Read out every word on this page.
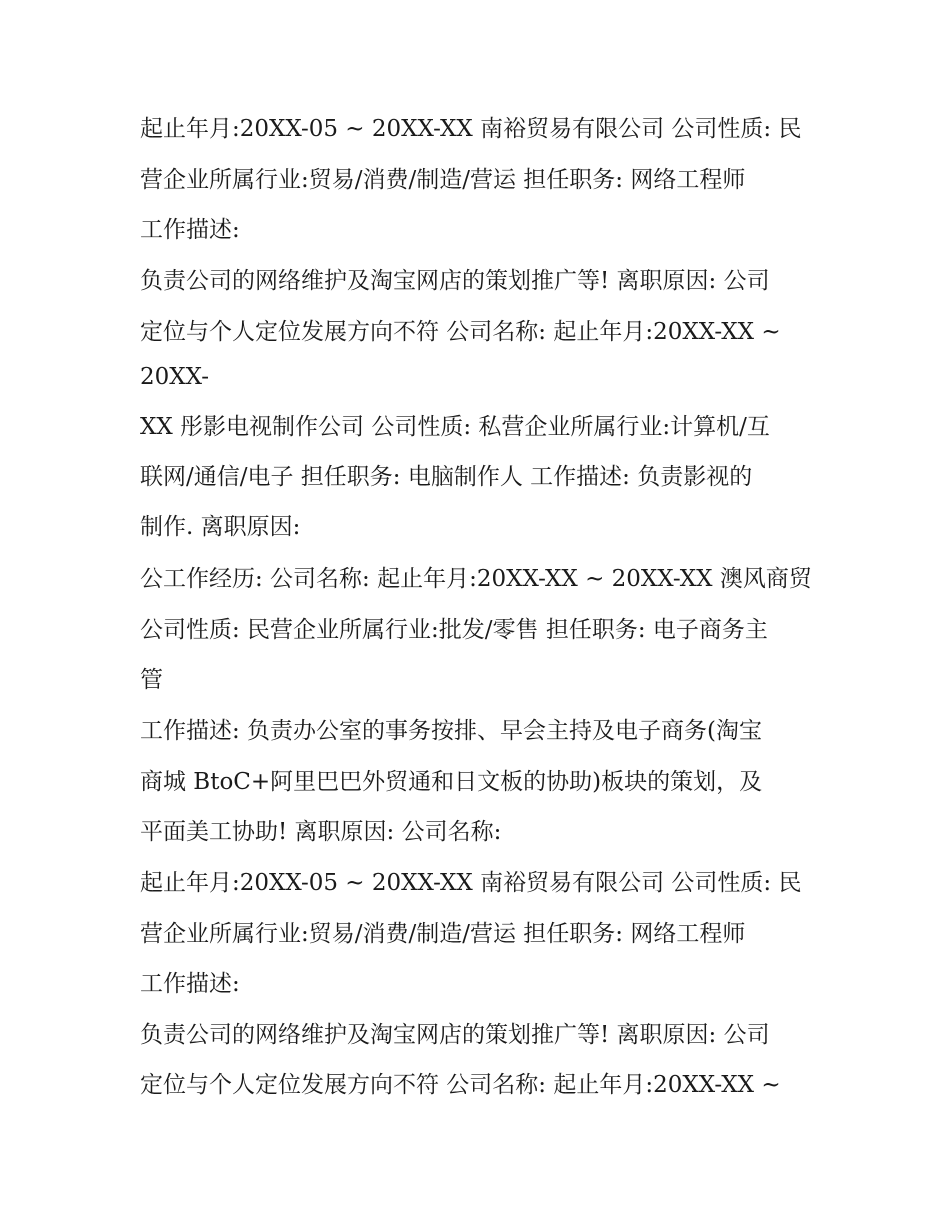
起止年月:20XX-05 ~ 20XX-XX 南裕贸易有限公司 公司性质: 民
营企业所属行业:贸易/消费/制造/营运 担任职务: 网络工程师
工作描述:
负责公司的网络维护及淘宝网店的策划推广等! 离职原因: 公司
定位与个人定位发展方向不符 公司名称: 起止年月:20XX-XX ~
20XX-
XX 彤影电视制作公司 公司性质: 私营企业所属行业:计算机/互
联网/通信/电子 担任职务: 电脑制作人 工作描述: 负责影视的
制作. 离职原因:
公工作经历: 公司名称: 起止年月:20XX-XX ~ 20XX-XX 澳风商贸
公司性质: 民营企业所属行业:批发/零售 担任职务: 电子商务主
管
工作描述: 负责办公室的事务按排、早会主持及电子商务(淘宝
商城 BtoC+阿里巴巴外贸通和日文板的协助)板块的策划，及
平面美工协助! 离职原因: 公司名称:
起止年月:20XX-05 ~ 20XX-XX 南裕贸易有限公司 公司性质: 民
营企业所属行业:贸易/消费/制造/营运 担任职务: 网络工程师
工作描述:
负责公司的网络维护及淘宝网店的策划推广等! 离职原因: 公司
定位与个人定位发展方向不符 公司名称: 起止年月:20XX-XX ~
